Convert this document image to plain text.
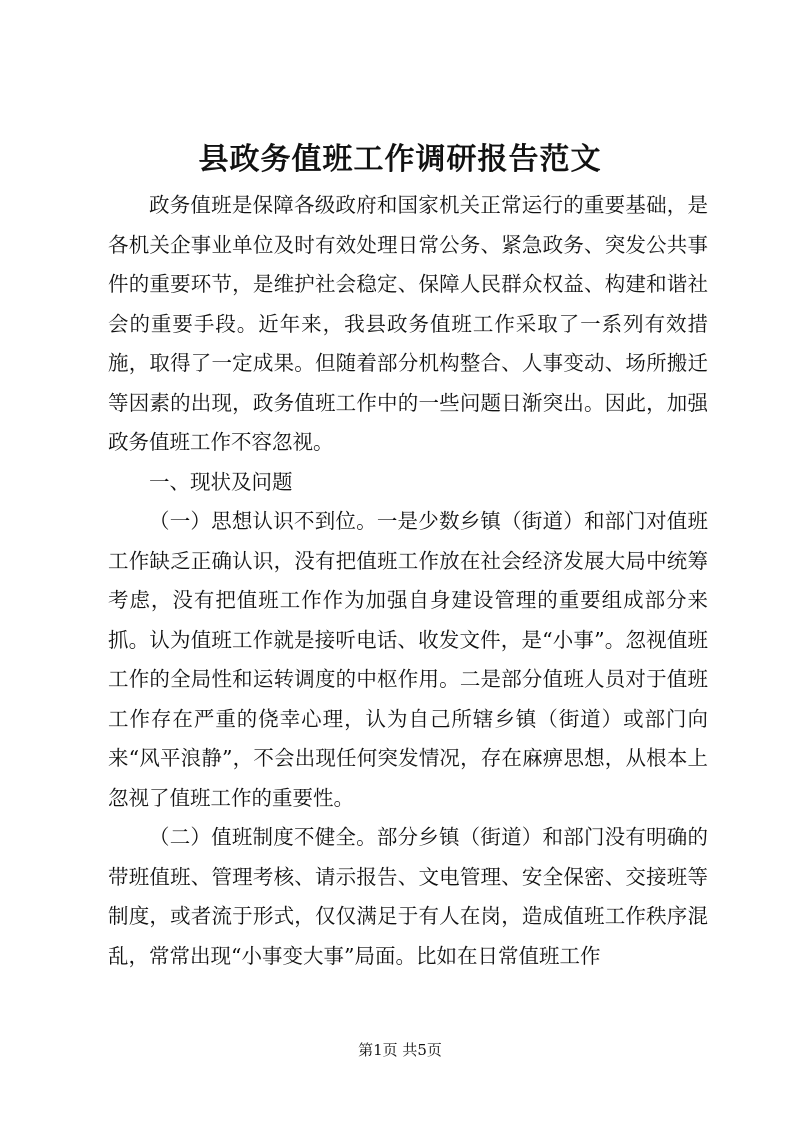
县政务值班工作调研报告范文

政务值班是保障各级政府和国家机关正常运行的重要基础，是各机关企事业单位及时有效处理日常公务、紧急政务、突发公共事件的重要环节，是维护社会稳定、保障人民群众权益、构建和谐社会的重要手段。近年来，我县政务值班工作采取了一系列有效措施，取得了一定成果。但随着部分机构整合、人事变动、场所搬迁等因素的出现，政务值班工作中的一些问题日渐突出。因此，加强政务值班工作不容忽视。

一、现状及问题

（一）思想认识不到位。一是少数乡镇（街道）和部门对值班工作缺乏正确认识，没有把值班工作放在社会经济发展大局中统筹考虑，没有把值班工作作为加强自身建设管理的重要组成部分来抓。认为值班工作就是接听电话、收发文件，是“小事”。忽视值班工作的全局性和运转调度的中枢作用。二是部分值班人员对于值班工作存在严重的侥幸心理，认为自己所辖乡镇（街道）或部门向来“风平浪静”，不会出现任何突发情况，存在麻痹思想，从根本上忽视了值班工作的重要性。

（二）值班制度不健全。部分乡镇（街道）和部门没有明确的带班值班、管理考核、请示报告、文电管理、安全保密、交接班等制度，或者流于形式，仅仅满足于有人在岗，造成值班工作秩序混乱，常常出现“小事变大事”局面。比如在日常值班工作

第1页 共5页
